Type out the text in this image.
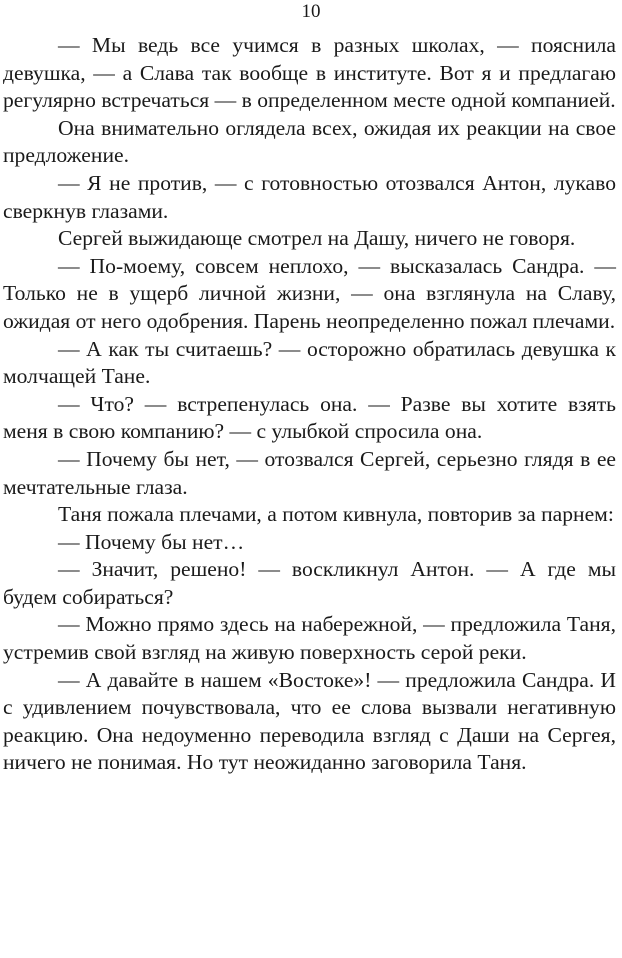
10

— Мы ведь все учимся в разных школах, — пояснила девушка, — а Слава так вообще в институте. Вот я и предлагаю регулярно встречаться — в определенном месте одной компанией.

Она внимательно оглядела всех, ожидая их реакции на свое предложение.

— Я не против, — с готовностью отозвался Антон, лукаво сверкнув глазами.

Сергей выжидающе смотрел на Дашу, ничего не говоря.

— По-моему, совсем неплохо, — высказалась Сандра. — Только не в ущерб личной жизни, — она взглянула на Славу, ожидая от него одобрения. Парень неопределенно пожал плечами.

— А как ты считаешь? — осторожно обратилась девушка к молчащей Тане.

— Что? — встрепенулась она. — Разве вы хотите взять меня в свою компанию? — с улыбкой спросила она.

— Почему бы нет, — отозвался Сергей, серьезно глядя в ее мечтательные глаза.

Таня пожала плечами, а потом кивнула, повторив за парнем:

— Почему бы нет…

— Значит, решено! — воскликнул Антон. — А где мы будем собираться?

— Можно прямо здесь на набережной, — предложила Таня, устремив свой взгляд на живую поверхность серой реки.

— А давайте в нашем «Востоке»! — предложила Сандра. И с удивлением почувствовала, что ее слова вызвали негативную реакцию. Она недоуменно переводила взгляд с Даши на Сергея, ничего не понимая. Но тут неожиданно заговорила Таня.
